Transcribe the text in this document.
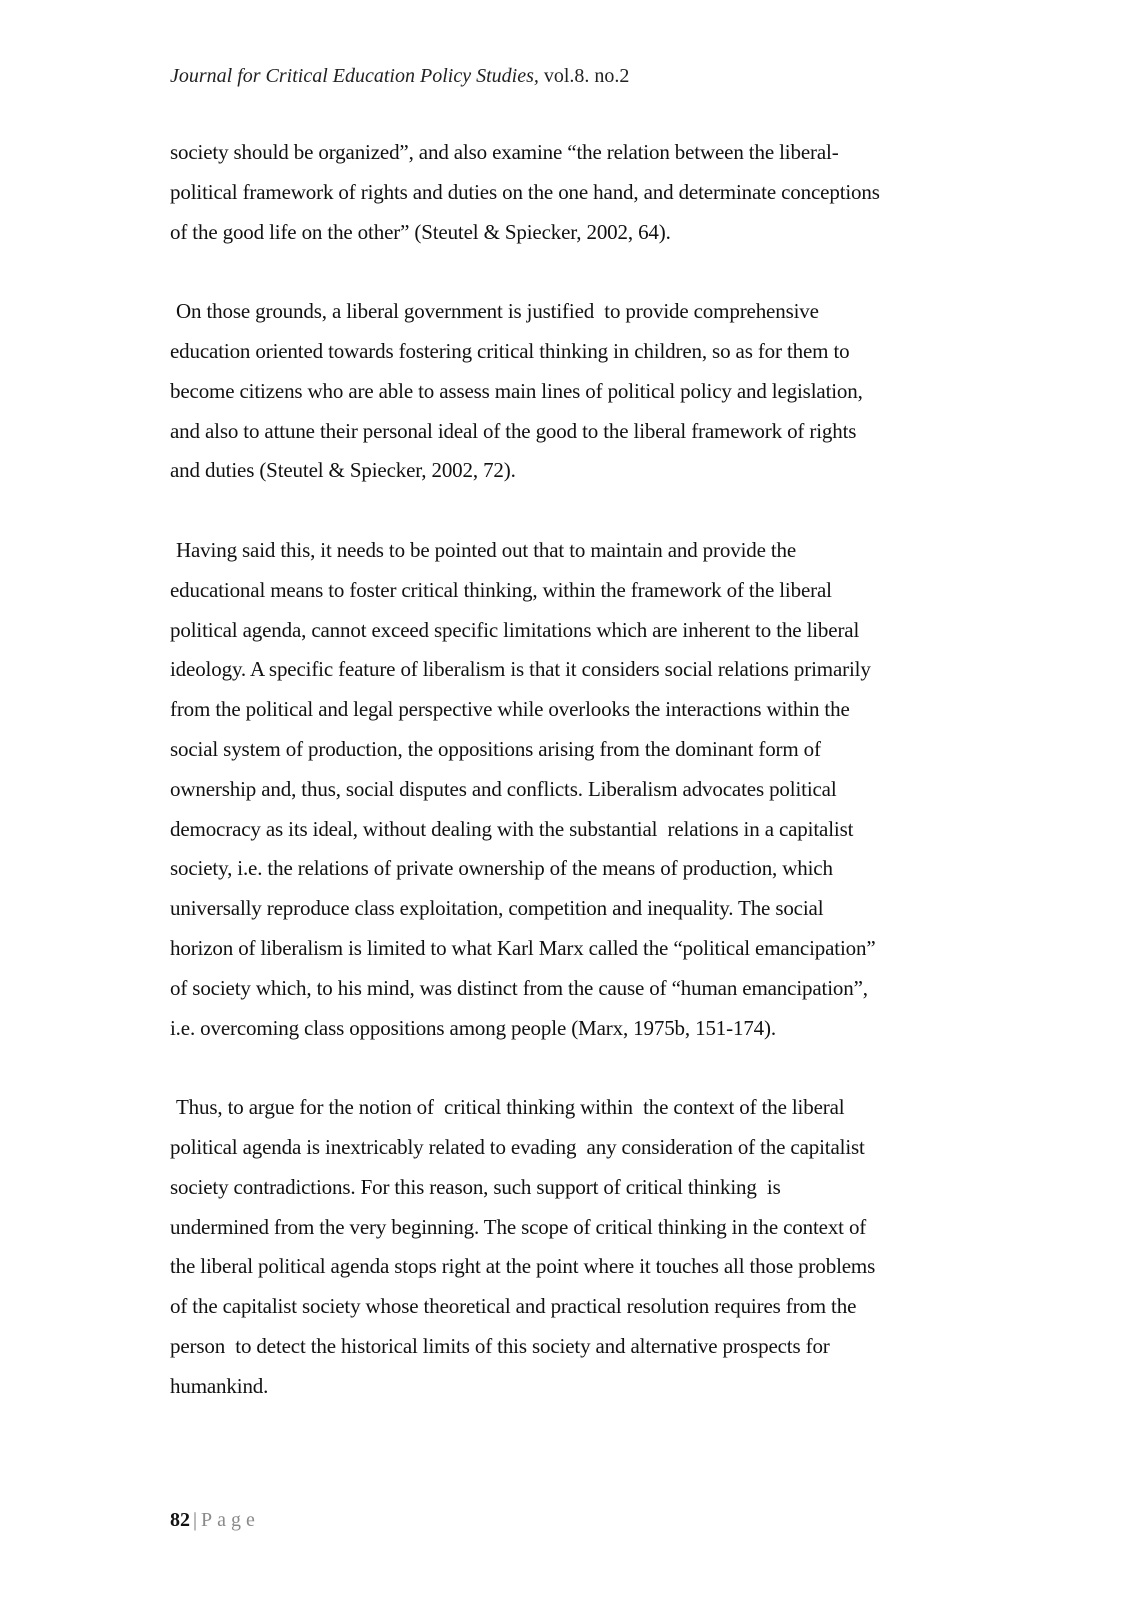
Journal for Critical Education Policy Studies, vol.8. no.2

society should be organized”, and also examine “the relation between the liberal-
political framework of rights and duties on the one hand, and determinate conceptions
of the good life on the other” (Steutel & Spiecker, 2002, 64).

On those grounds, a liberal government is justified  to provide comprehensive
education oriented towards fostering critical thinking in children, so as for them to
become citizens who are able to assess main lines of political policy and legislation,
and also to attune their personal ideal of the good to the liberal framework of rights
and duties (Steutel & Spiecker, 2002, 72).

Having said this, it needs to be pointed out that to maintain and provide the
educational means to foster critical thinking, within the framework of the liberal
political agenda, cannot exceed specific limitations which are inherent to the liberal
ideology. A specific feature of liberalism is that it considers social relations primarily
from the political and legal perspective while overlooks the interactions within the
social system of production, the oppositions arising from the dominant form of
ownership and, thus, social disputes and conflicts. Liberalism advocates political
democracy as its ideal, without dealing with the substantial  relations in a capitalist
society, i.e. the relations of private ownership of the means of production, which
universally reproduce class exploitation, competition and inequality. The social
horizon of liberalism is limited to what Karl Marx called the “political emancipation”
of society which, to his mind, was distinct from the cause of “human emancipation”,
i.e. overcoming class oppositions among people (Marx, 1975b, 151-174).

Thus, to argue for the notion of  critical thinking within  the context of the liberal
political agenda is inextricably related to evading  any consideration of the capitalist
society contradictions. For this reason, such support of critical thinking  is
undermined from the very beginning. The scope of critical thinking in the context of
the liberal political agenda stops right at the point where it touches all those problems
of the capitalist society whose theoretical and practical resolution requires from the
person  to detect the historical limits of this society and alternative prospects for
humankind.

82 | Page
